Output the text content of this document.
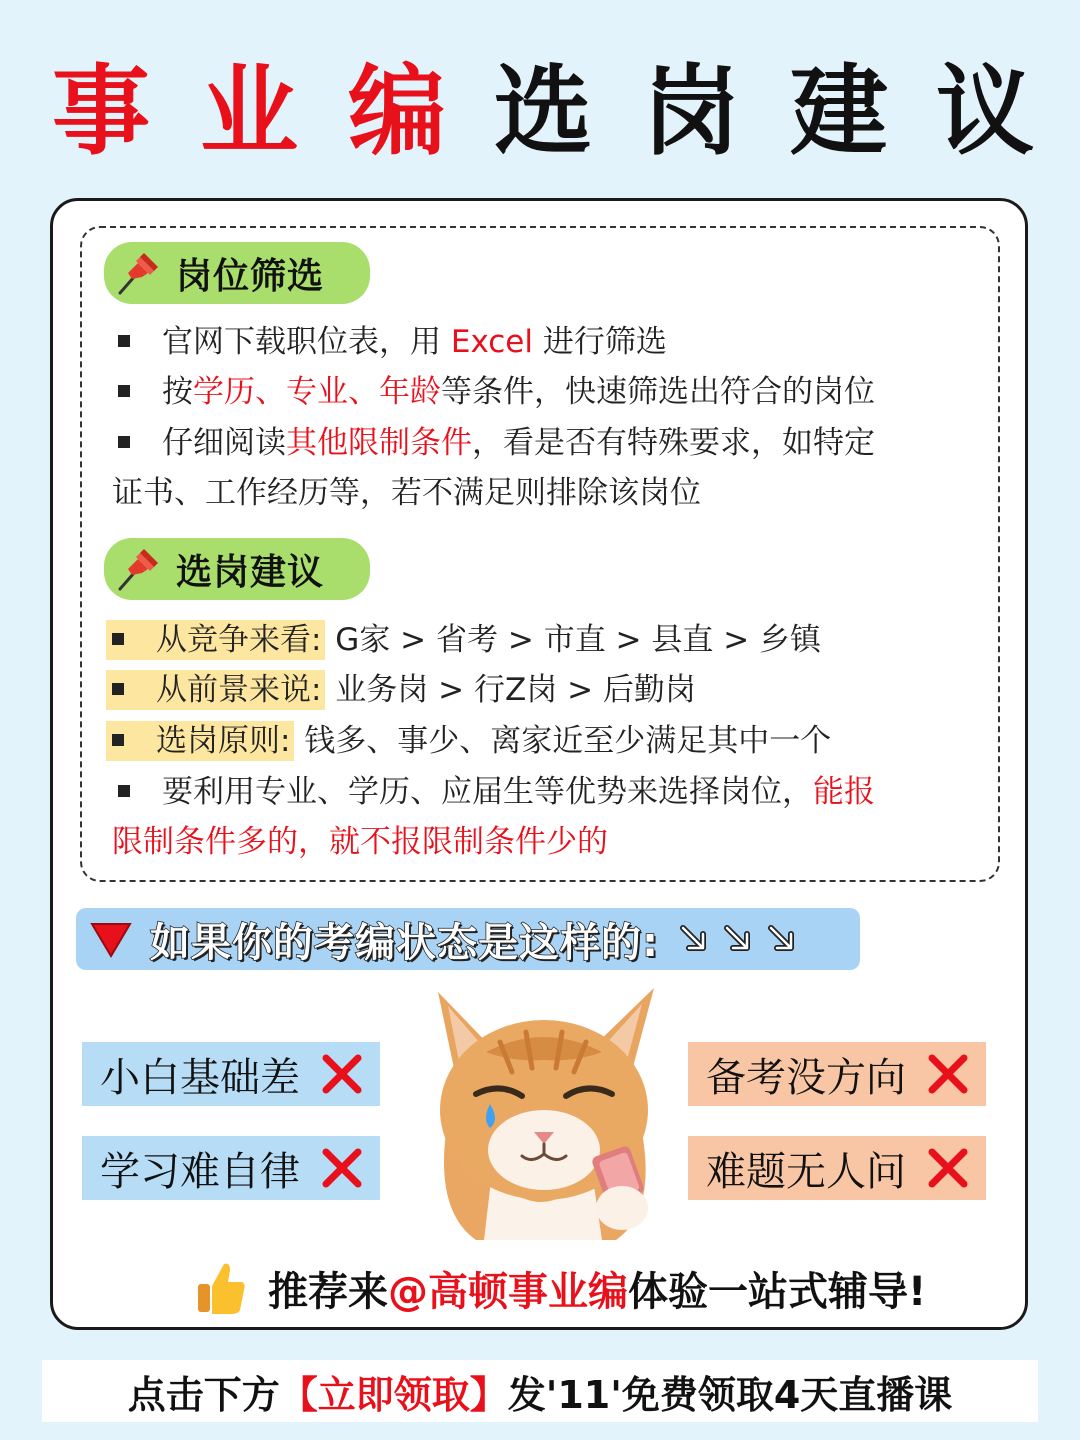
事 业 编 选 岗 建 议
岗位筛选
官网下载职位表，用 Excel 进行筛选
按学历、专业、年龄等条件，快速筛选出符合的岗位
仔细阅读其他限制条件，看是否有特殊要求，如特定
证书、工作经历等，若不满足则排除该岗位
选岗建议
从竞争来看: G家 > 省考 > 市直 > 县直 > 乡镇
从前景来说: 业务岗 > 行Z岗 > 后勤岗
选岗原则: 钱多、事少、离家近至少满足其中一个
要利用专业、学历、应届生等优势来选择岗位，能报
限制条件多的，就不报限制条件少的
如果你的考编状态是这样的:
小白基础差
学习难自律
备考没方向
难题无人问
推荐来 @高顿事业编 体验一站式辅导!
点击下方 【立即领取】 发'11'免费领取4天直播课
